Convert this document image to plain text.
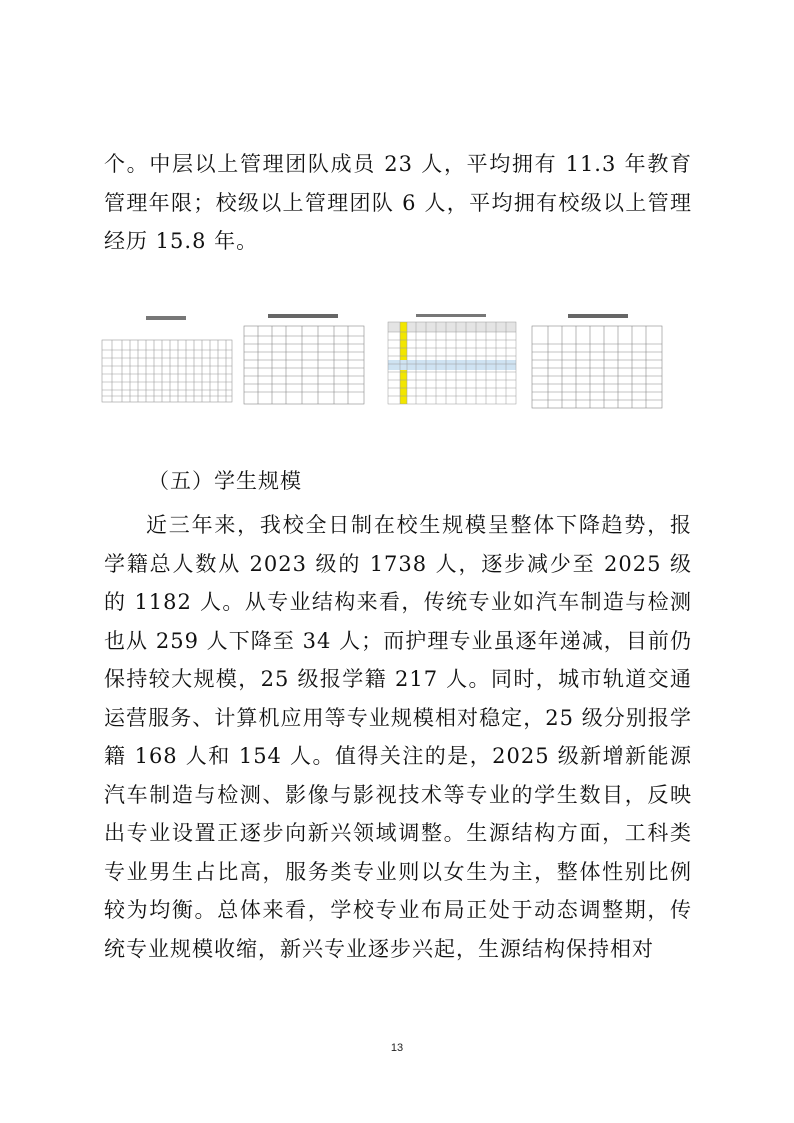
个。中层以上管理团队成员 23 人，平均拥有 11.3 年教育管理年限；校级以上管理团队 6 人，平均拥有校级以上管理经历 15.8 年。

（五）学生规模

近三年来，我校全日制在校生规模呈整体下降趋势，报学籍总人数从 2023 级的 1738 人，逐步减少至 2025 级的 1182 人。从专业结构来看，传统专业如汽车制造与检测也从 259 人下降至 34 人；而护理专业虽逐年递减，目前仍保持较大规模，25 级报学籍 217 人。同时，城市轨道交通运营服务、计算机应用等专业规模相对稳定，25 级分别报学籍 168 人和 154 人。值得关注的是，2025 级新增新能源汽车制造与检测、影像与影视技术等专业的学生数目，反映出专业设置正逐步向新兴领域调整。生源结构方面，工科类专业男生占比高，服务类专业则以女生为主，整体性别比例较为均衡。总体来看，学校专业布局正处于动态调整期，传统专业规模收缩，新兴专业逐步兴起，生源结构保持相对

13
